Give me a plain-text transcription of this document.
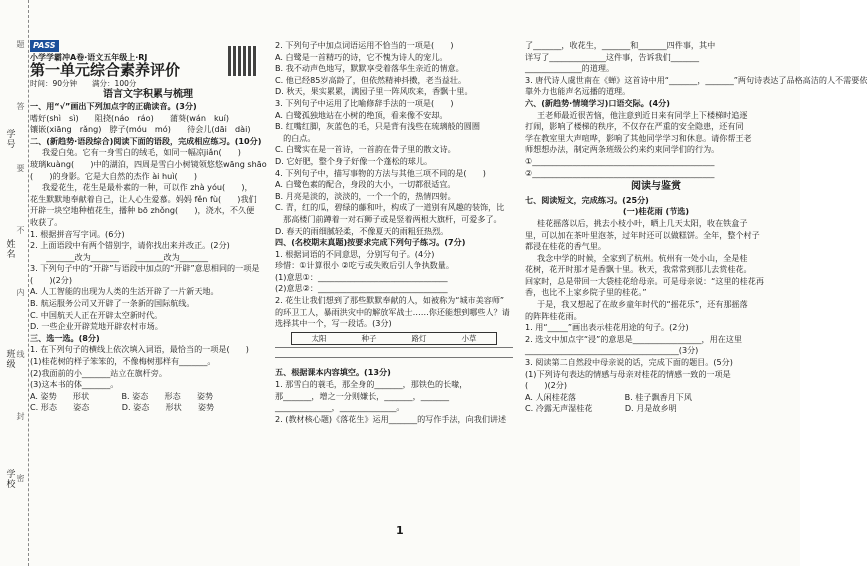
学号
姓名
班级
学校
题
答
要
不
内
线
封
密
PASS
小学学霸冲A卷·语文五年级上·RJ
第一单元综合素养评价
时间：90分钟　　满分：100分
语言文字积累与梳理
一、用“√”画出下列加点字的正确读音。(3分)
嗜好(shì　sì)　　阻挠(náo　ráo)　　蒲葵(wán　kuí)
镶嵌(xiāng　rǎng)　脖子(móu　mó)　　待会儿(dāi　dài)
二、(新趋势·语段综合)阅读下面的语段，完成相应练习。(10分)
我爱白兔。它有一身雪白的绒毛，如同一幅凉jiǎn(　　)
玻璃kuàng(　　)中的湖泊，四周是雪白小树镜领悠悠wāng shāo
(　　)的身影。它是大自然的杰作 ài huì(　　)
我爱花生，花生是最朴素的一种，可以作 zhà yóu(　　)，
花生默默地奉献着自己，让人心生爱慕。妈妈 fěn fù(　　)我们
开辟一块空地种植花生，播种 bō zhǒng(　　)，浇水，不久便
收获了。
1. 根据拼音写字词。(6分)
2. 上面语段中有两个错别字，请你找出来并改正。(2分)
　　_______改为_______　　_______改为_______
3. 下列句子中的“开辟”与语段中加点的“开辟”意思相同的一项是
(　　)(2分)
A. 人工智能的出现为人类的生活开辟了一片新天地。
B. 航运服务公司又开辟了一条新的国际航线。
C. 中国航天人正在开辟太空新时代。
D. 一些企业开辟荒地开辟农村市场。
三、选一选。(8分)
1. 在下列句子的横线上依次填入词语，最恰当的一项是(　　)
(1)桂花树的样子笨笨的，不像梅树那样有_______。
(2)我面前的小_______站立在旗杆旁。
(3)这本书的体_______。
A. 姿势　　形状　　　　B. 姿态　　形态　　姿势
C. 形态　　姿态　　　　D. 姿态　　形状　　姿势
2. 下列句子中加点词语运用不恰当的一项是(　　)
A. 白鹭是一首精巧的诗，它不愧为诗人的宠儿。
B. 我不动声色地写，默默享受着落华生亲近的情意。
C. 他已经85岁高龄了，但依然精神抖擞，老当益壮。
D. 秋天，果实累累，满园子里一阵风吹来，香飘十里。
3. 下列句子中运用了比喻修辞手法的一项是(　　)
A. 白鹭孤独地站在小树的绝顶，看来像不安却。
B. 红嘴红脚，灰蓝色的毛，只是背有浅些在琉璃般的圆圈
　的白点。
C. 白鹭实在是一首诗，一首韵在骨子里的散文诗。
D. 它好肥，整个身子好像一个蓬松的球儿。
4. 下列句子中，描写事物的方法与其他三项不同的是(　　)
A. 白鹭色素的配合，身段的大小，一切都很适宜。
B. 月亮是淡的，淡淡的，一个一个的，热情四射。
C. 青，红的瓜，碧绿的藤和叶，构成了一道别有风趣的装饰，比
　那高楼门前蹲着一对石狮子或是竖着两根大旗杆，可爱多了。
D. 春天的雨细腻轻柔，不像夏天的雨粗狂热烈。
四、(名校期末真题)按要求完成下列句子练习。(7分)
1. 根据词语的不同意思，分别写句子。(4分)
珍惜：①计算很小 ②吃亏或失败后引人争执数量。
(1)意思①：________________________________
(2)意思②：________________________________
2. 花生让我们想到了那些默默奉献的人，如被称为“城市美容师”
的环卫工人，暴雨洪灾中的解放军战士……你还能想到哪些人？请
选择其中一个，写一段话。(3分)
太阳	种子	路灯	小草
五、根据课本内容填空。(13分)
1. 那雪白的蓑毛，那全身的_______，那铁色的长喙，
那_______，增之一分则嫌长，_______，_______
______________，______________。
2. (教材核心题)《落花生》运用_______的写作手法，向我们讲述
了_______，收花生，_______和_______四件事，其中
详写了______________这件事，告诉我们_______
______________的道理。
3. 唐代诗人虞世南在《蝉》这首诗中用“_______，_______”两句诗表达了品格高洁的人不需要依
靠外力也能声名远播的道理。
六、(新趋势·情境学习)口语交际。(4分)
王老师最近很苦恼，他注意到近日来有同学上下楼梯时追逐
打闹，影响了楼梯的秩序，不仅存在严重的安全隐患，还有同
学在教室里大声喧哗，影响了其他同学学习和休息。请你帮王老
师想想办法，制定两条班级公约来约束同学们的行为。
①_____________________________________________
②_____________________________________________
阅读与鉴赏
七、阅读短文，完成练习。(25分)
(一)桂花雨 (节选)
桂花摇落以后，挑去小枝小叶，晒上几天太阳，收在铁盒子
里，可以加在茶叶里泡茶，过年时还可以做糕饼。全年，整个村子
都浸在桂花的香气里。
我念中学的时候，全家到了杭州。杭州有一处小山，全是桂
花树，花开时那才是香飘十里。秋天，我常常到那儿去赏桂花。
回家时，总是带回一大袋桂花给母亲。可是母亲说：“这里的桂花再
香，也比不上家乡院子里的桂花。”
于是，我又想起了在故乡童年时代的“摇花乐”，还有那摇落
的阵阵桂花雨。
1. 用“_____”画出表示桂花用途的句子。(2分)
2. 选文中加点字“浸”的意思是_________________，用在这里
______________________________________(3分)
3. 阅读第二自然段中母亲说的话，完成下面的题目。(5分)
(1)下列诗句表达的情感与母亲对桂花的情感一致的一项是
(　　)(2分)
A. 人闲桂花落　　　　　　B. 桂子飘香月下风
C. 冷露无声湿桂花　　　　D. 月是故乡明
1
